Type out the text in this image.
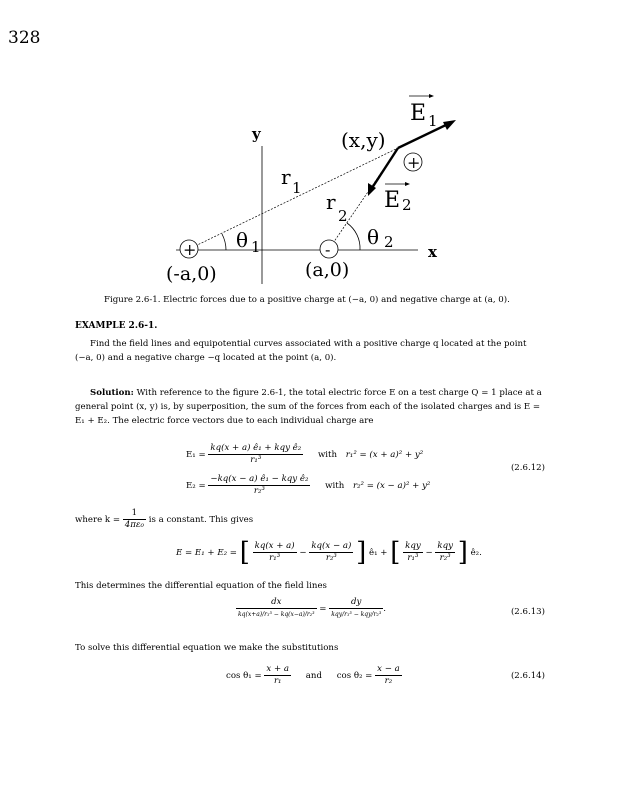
328
+	-
+
E 1
(x,y)
y
r 1	E 2
r
2
θ 1	θ 2
x
(-a,0)	(a,0)
Figure 2.6-1. Electric forces due to a positive charge at (−a, 0) and negative charge at (a, 0).
EXAMPLE 2.6-1.
Find the field lines and equipotential curves associated with a positive charge q located at the point (−a, 0) and a negative charge −q located at the point (a, 0).
Solution: With reference to the figure 2.6-1, the total electric force E on a test charge Q = 1 place at a general point (x, y) is, by superposition, the sum of the forces from each of the isolated charges and is E = E₁ + E₂. The electric force vectors due to each individual charge are
$E_1 = \frac{\text{kq(x + a) ê₁ + kqy ê₂}}{\text{r₁³}}$ with r₁² = (x + a)² + y²
$E_2 = \frac{\text{−kq(x − a) ê₁ − kqy ê₂}}{\text{r₂³}}$ with r₂² = (x − a)² + y²
(2.6.12)
where $k = \frac{1}{\text{4πε₀}}$ is a constant. This gives
E = E₁ + E₂ = [ $\frac{kq(x + a)}{\text{r₁³}} - \frac{kq(x - a)}{\text{r₂³}}$ ] ê₁ + [ $\frac{\text{kqy}}{\text{r₁³}} - \frac{\text{kqy}}{\text{r₂³}}$ ] ê₂.
This determines the differential equation of the field lines
$\frac{dx}{\text{kq(x+a)/r₁³ − kq(x−a)/r₂³}} = \frac{dy}{\text{kqy/r₁³ − kqy/r₂³}}$ .	(2.6.13)
To solve this differential equation we make the substitutions
$\cos \theta_1 = \frac{x + a}{\text{r₁}}$ and $\cos \theta_2 = \frac{x - a}{\text{r₂}}$	(2.6.14)
